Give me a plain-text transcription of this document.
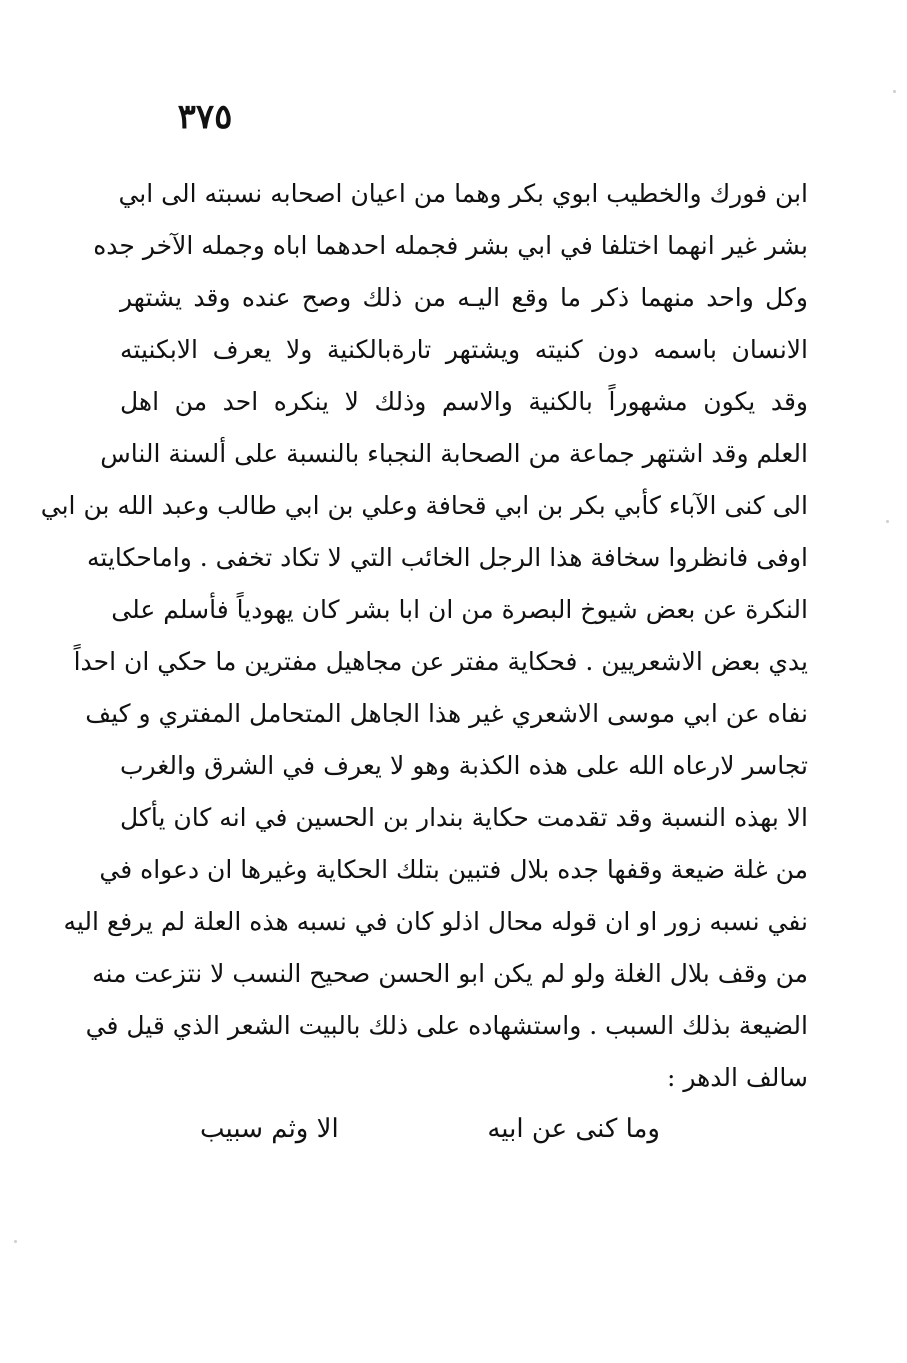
٣٧٥
ابن فورك والخطيب ابوي بكر وهما من اعيان اصحابه نسبته الى ابي
بشر غير انهما اختلفا في ابي بشر فجمله احدهما اباه وجمله الآخر جده
وكل واحد منهما ذكر ما وقع اليـه من ذلك وصح عنده وقد يشتهر
الانسان باسمه دون كنيته ويشتهر تارةبالكنية ولا يعرف الابكنيته
وقد يكون مشهوراً بالكنية والاسم وذلك لا ينكره احد من اهل
العلم وقد اشتهر جماعة من الصحابة النجباء بالنسبة على ألسنة الناس
الى كنى الآباء كأبي بكر بن ابي قحافة وعلي بن ابي طالب وعبد الله بن ابي
اوفى فانظروا سخافة هذا الرجل الخائب التي لا تكاد تخفى . واماحكايته
النكرة عن بعض شيوخ البصرة من ان ابا بشر كان يهودياً فأسلم على
يدي بعض الاشعريين . فحكاية مفتر عن مجاهيل مفترين ما حكي ان احداً
نفاه عن ابي موسى الاشعري غير هذا الجاهل المتحامل المفتري و كيف
تجاسر لارعاه الله على هذه الكذبة وهو لا يعرف في الشرق والغرب
الا بهذه النسبة وقد تقدمت حكاية بندار بن الحسين في انه كان يأكل
من غلة ضيعة وقفها جده بلال فتبين بتلك الحكاية وغيرها ان دعواه في
نفي نسبه زور او ان قوله محال اذلو كان في نسبه هذه العلة لم يرفع اليه
من وقف بلال الغلة ولو لم يكن ابو الحسن صحيح النسب لا نتزعت منه
الضيعة بذلك السبب . واستشهاده على ذلك بالبيت الشعر الذي قيل في
سالف الدهر :
وما كنى عن ابيه
الا وثم سبيب
